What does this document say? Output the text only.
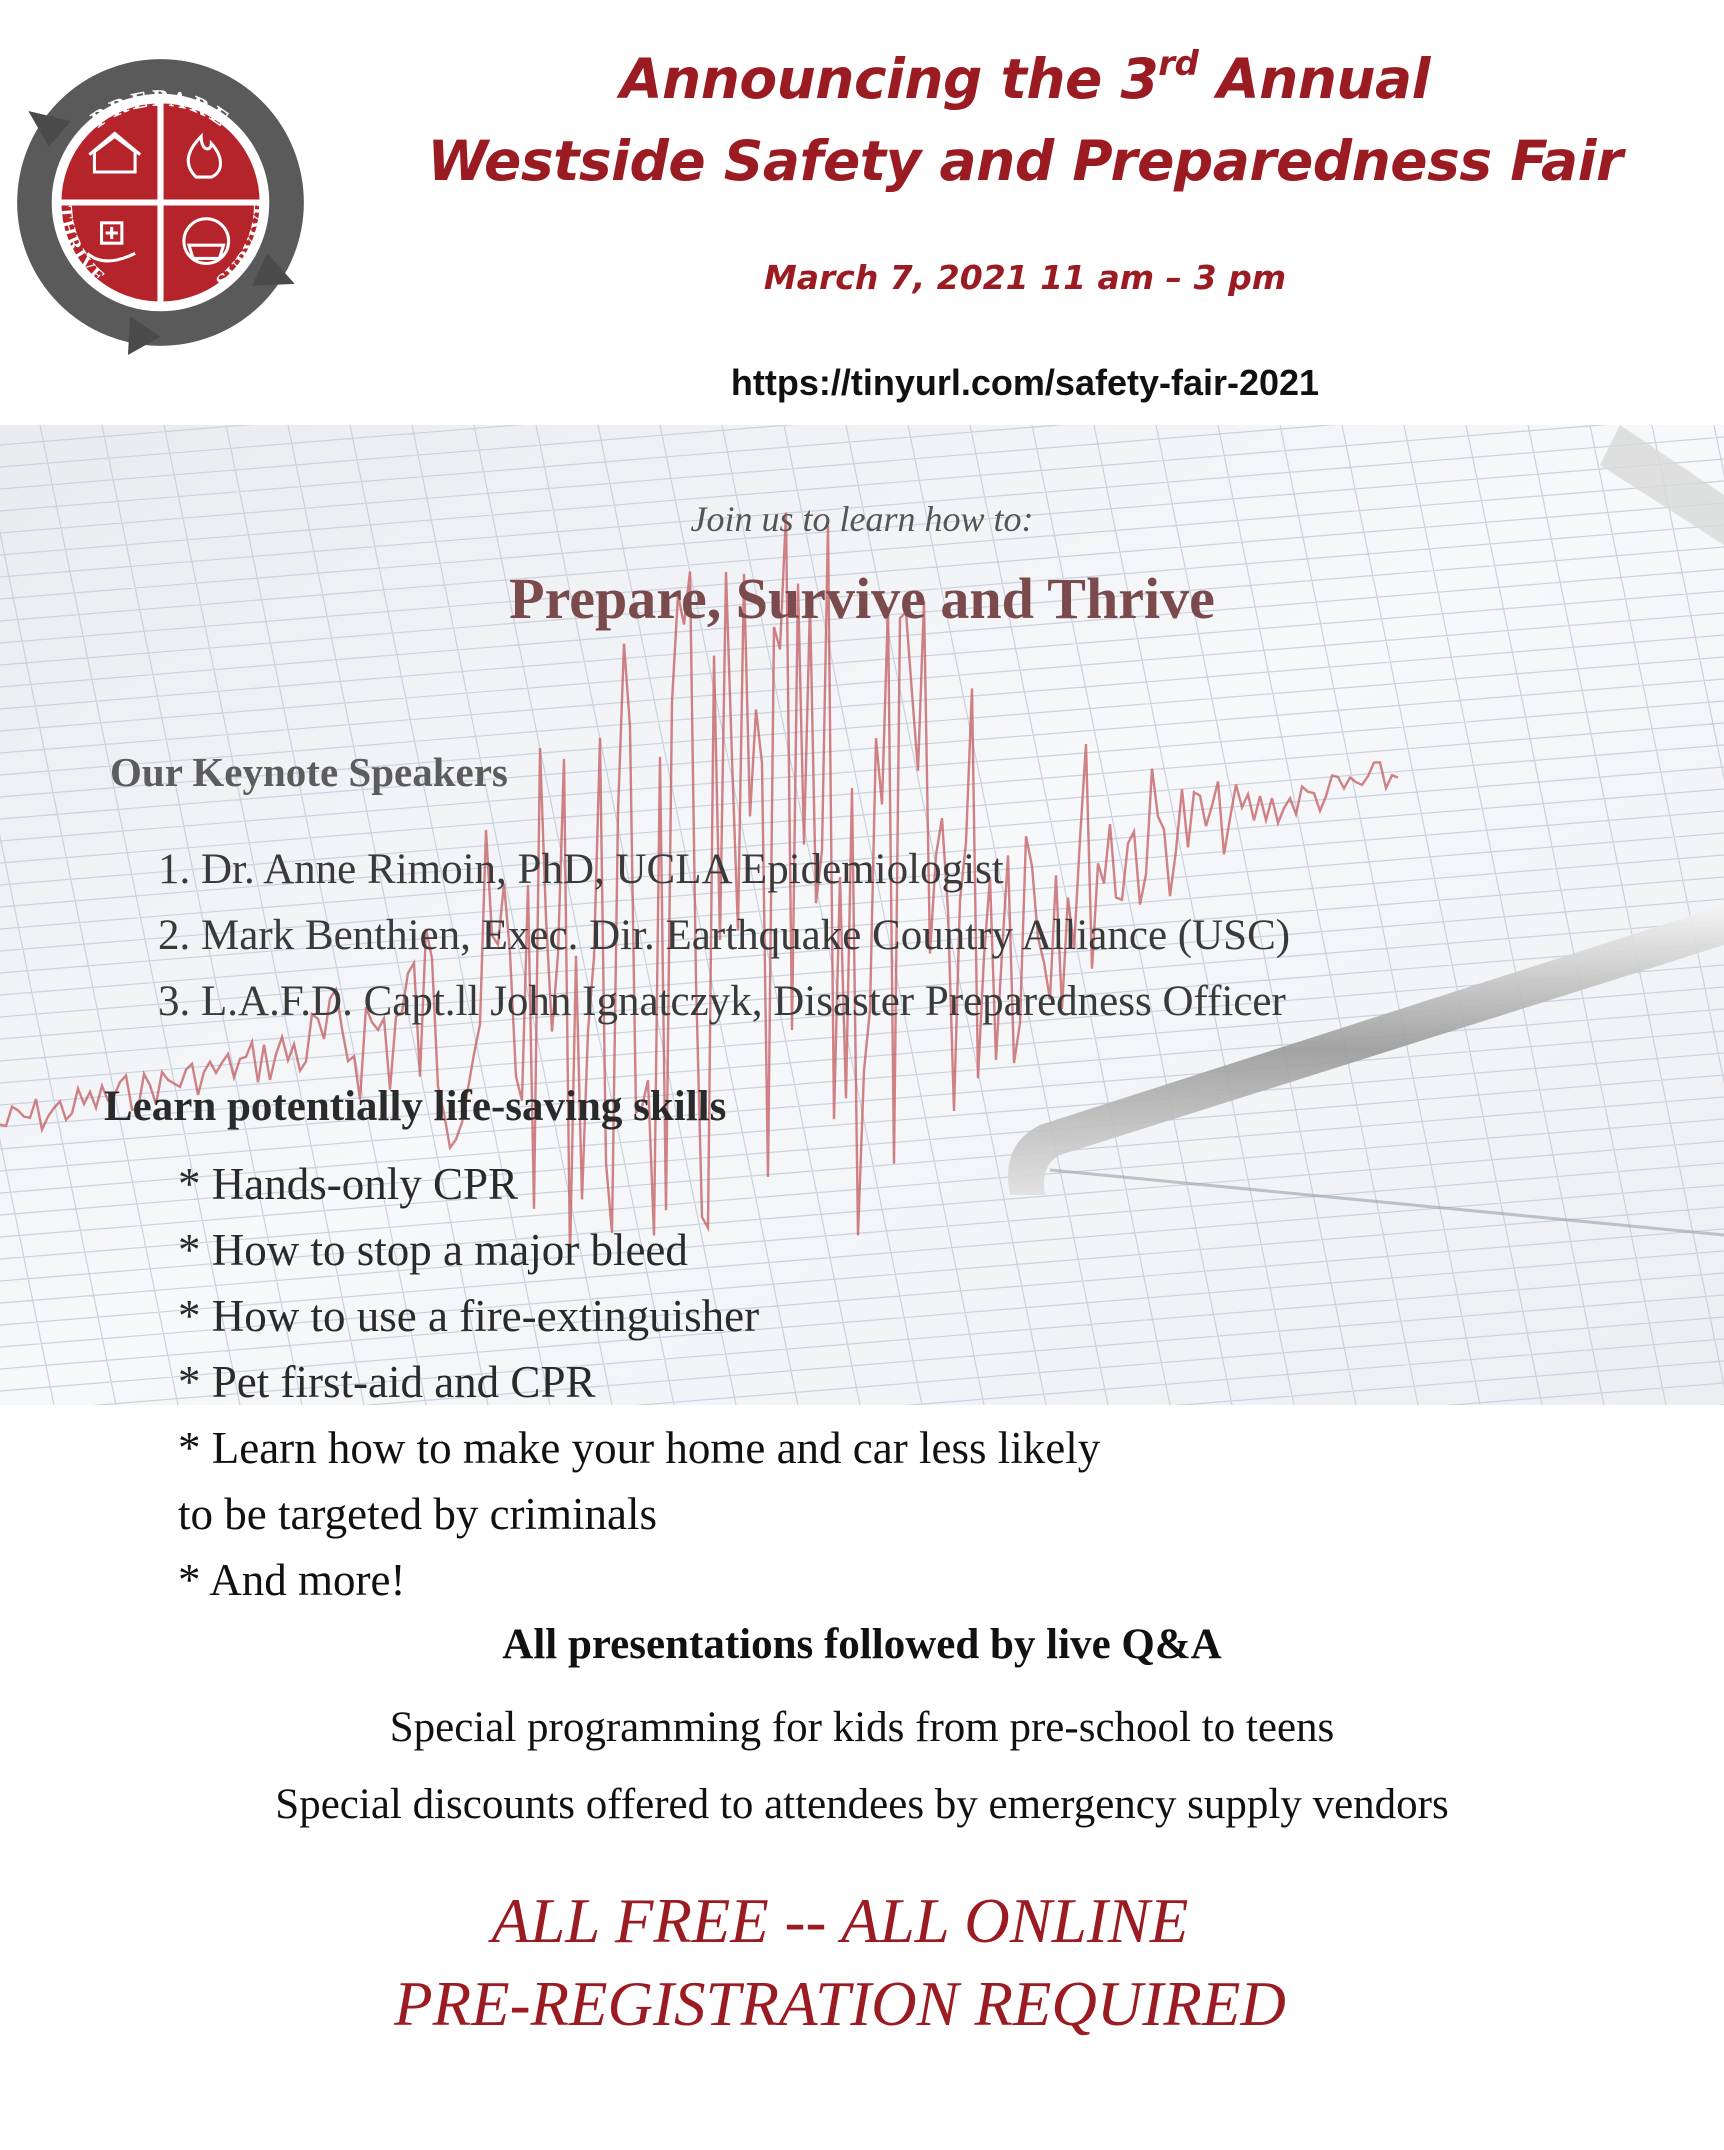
PREPARE
THRIVE	SURVIVE
Announcing the 3rd Annual
Westside Safety and Preparedness Fair
March 7, 2021 11 am – 3 pm
https://tinyurl.com/safety-fair-2021
Join us to learn how to:
Prepare, Survive and Thrive
Our Keynote Speakers
1. Dr. Anne Rimoin, PhD, UCLA Epidemiologist
2. Mark Benthien, Exec. Dir. Earthquake Country Alliance (USC)
3. L.A.F.D. Capt.ll John Ignatczyk, Disaster Preparedness Officer
Learn potentially life-saving skills
* Hands-only CPR
* How to stop a major bleed
* How to use a fire-extinguisher
* Pet first-aid and CPR
* Learn how to make your home and car less likely
to be targeted by criminals
* And more!
All presentations followed by live Q&A
Special programming for kids from pre-school to teens
Special discounts offered to attendees by emergency supply vendors
ALL FREE -- ALL ONLINE
PRE-REGISTRATION REQUIRED
